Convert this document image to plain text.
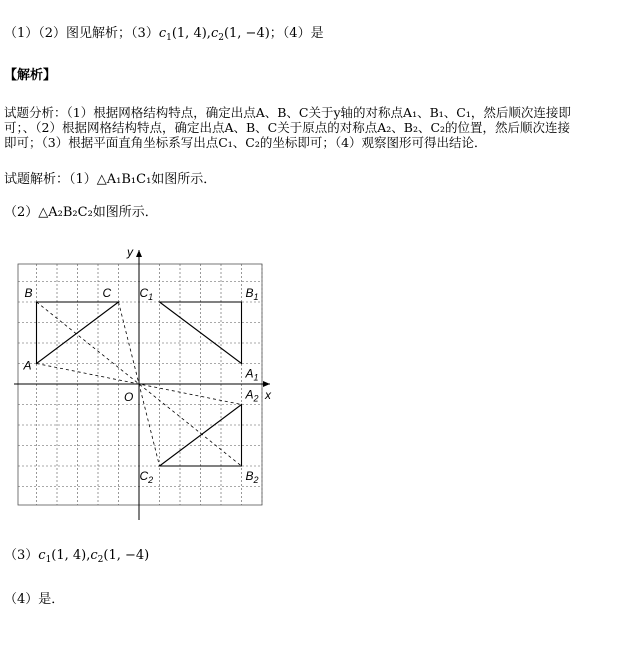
（1）（2）图见解析；$(3)c_1(1$, $4),c_2(1$, −4)；（4）是
【解析】
试题分析：（1）根据网格结构特点，确定出点A、B、C关于y轴的对称点A₁、B₁、C₁，然后顺次连接即
可；、（2）根据网格结构特点，确定出点A、B、C关于原点的对称点A₂、B₂、C₂的位置，然后顺次连接
即可；（3）根据平面直角坐标系写出点C₁、C₂的坐标即可；（4）观察图形可得出结论．
试题解析：（1）△A₁B₁C₁如图所示．
（2）△A₂B₂C₂如图所示．
A
B	C
$A_1$
$B_1$
$C_1$
$A_2$
$B_2$
$C_2$
x
y
O
$(3)c_1(1$, $4),c_2(1$, −4)
（4）是．
